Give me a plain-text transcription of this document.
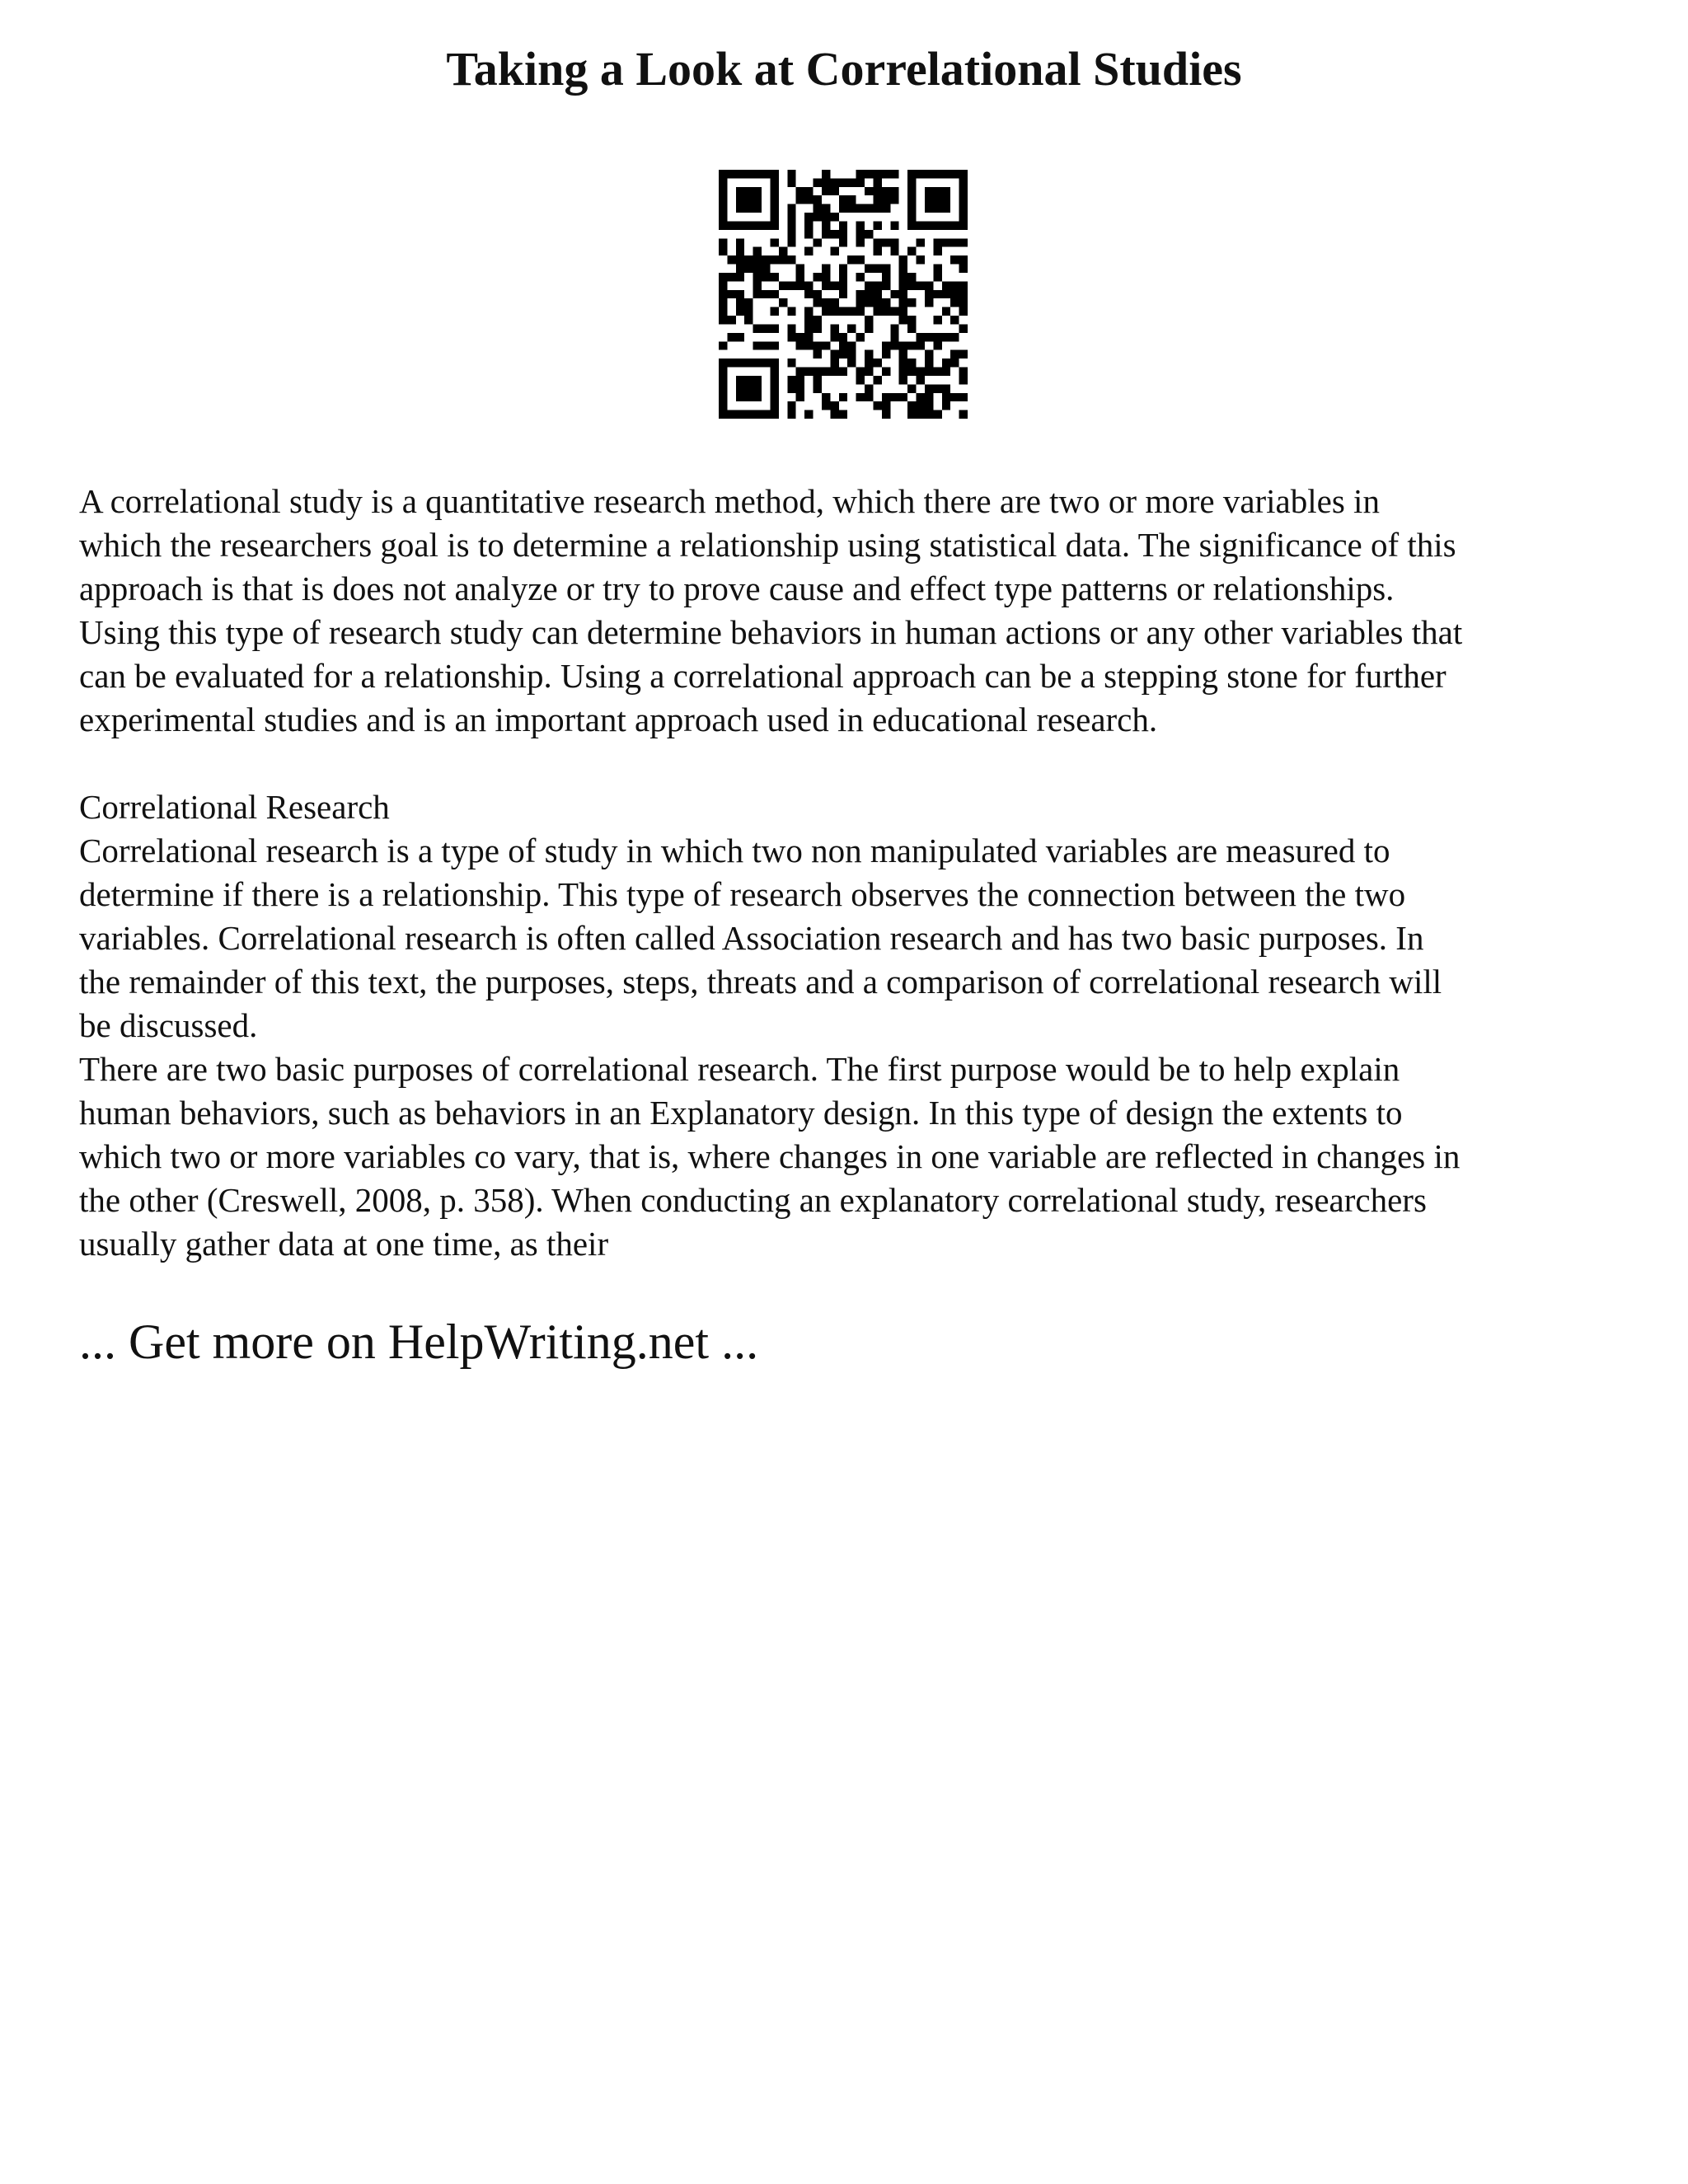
Taking a Look at Correlational Studies

A correlational study is a quantitative research method, which there are two or more variables in
which the researchers goal is to determine a relationship using statistical data. The significance of this
approach is that is does not analyze or try to prove cause and effect type patterns or relationships.
Using this type of research study can determine behaviors in human actions or any other variables that
can be evaluated for a relationship. Using a correlational approach can be a stepping stone for further
experimental studies and is an important approach used in educational research.

Correlational Research

Correlational research is a type of study in which two non manipulated variables are measured to
determine if there is a relationship. This type of research observes the connection between the two
variables. Correlational research is often called Association research and has two basic purposes. In
the remainder of this text, the purposes, steps, threats and a comparison of correlational research will
be discussed.

There are two basic purposes of correlational research. The first purpose would be to help explain
human behaviors, such as behaviors in an Explanatory design. In this type of design the extents to
which two or more variables co vary, that is, where changes in one variable are reflected in changes in
the other (Creswell, 2008, p. 358). When conducting an explanatory correlational study, researchers
usually gather data at one time, as their

... Get more on HelpWriting.net ...
